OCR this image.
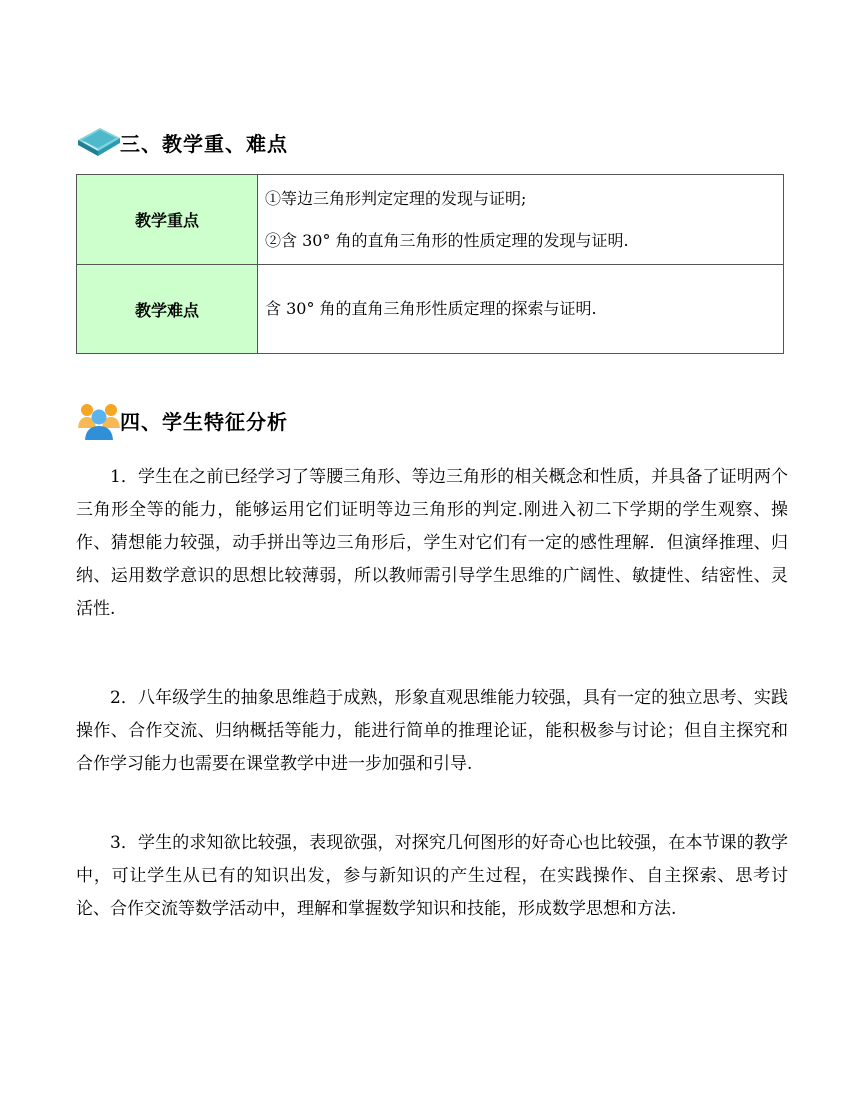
三、教学重、难点
教学重点	①等边三角形判定定理的发现与证明;
②含 30° 角的直角三角形的性质定理的发现与证明.

教学难点	含 30° 角的直角三角形性质定理的探索与证明.
四、学生特征分析

1．学生在之前已经学习了等腰三角形、等边三角形的相关概念和性质，并具备了证明两个三角形全等的能力，能够运用它们证明等边三角形的判定.刚进入初二下学期的学生观察、操作、猜想能力较强，动手拼出等边三角形后，学生对它们有一定的感性理解．但演绎推理、归纳、运用数学意识的思想比较薄弱，所以教师需引导学生思维的广阔性、敏捷性、结密性、灵活性.

2．八年级学生的抽象思维趋于成熟，形象直观思维能力较强，具有一定的独立思考、实践操作、合作交流、归纳概括等能力，能进行简单的推理论证，能积极参与讨论；但自主探究和合作学习能力也需要在课堂教学中进一步加强和引导.

3．学生的求知欲比较强，表现欲强，对探究几何图形的好奇心也比较强，在本节课的教学中，可让学生从已有的知识出发，参与新知识的产生过程，在实践操作、自主探索、思考讨论、合作交流等数学活动中，理解和掌握数学知识和技能，形成数学思想和方法.
